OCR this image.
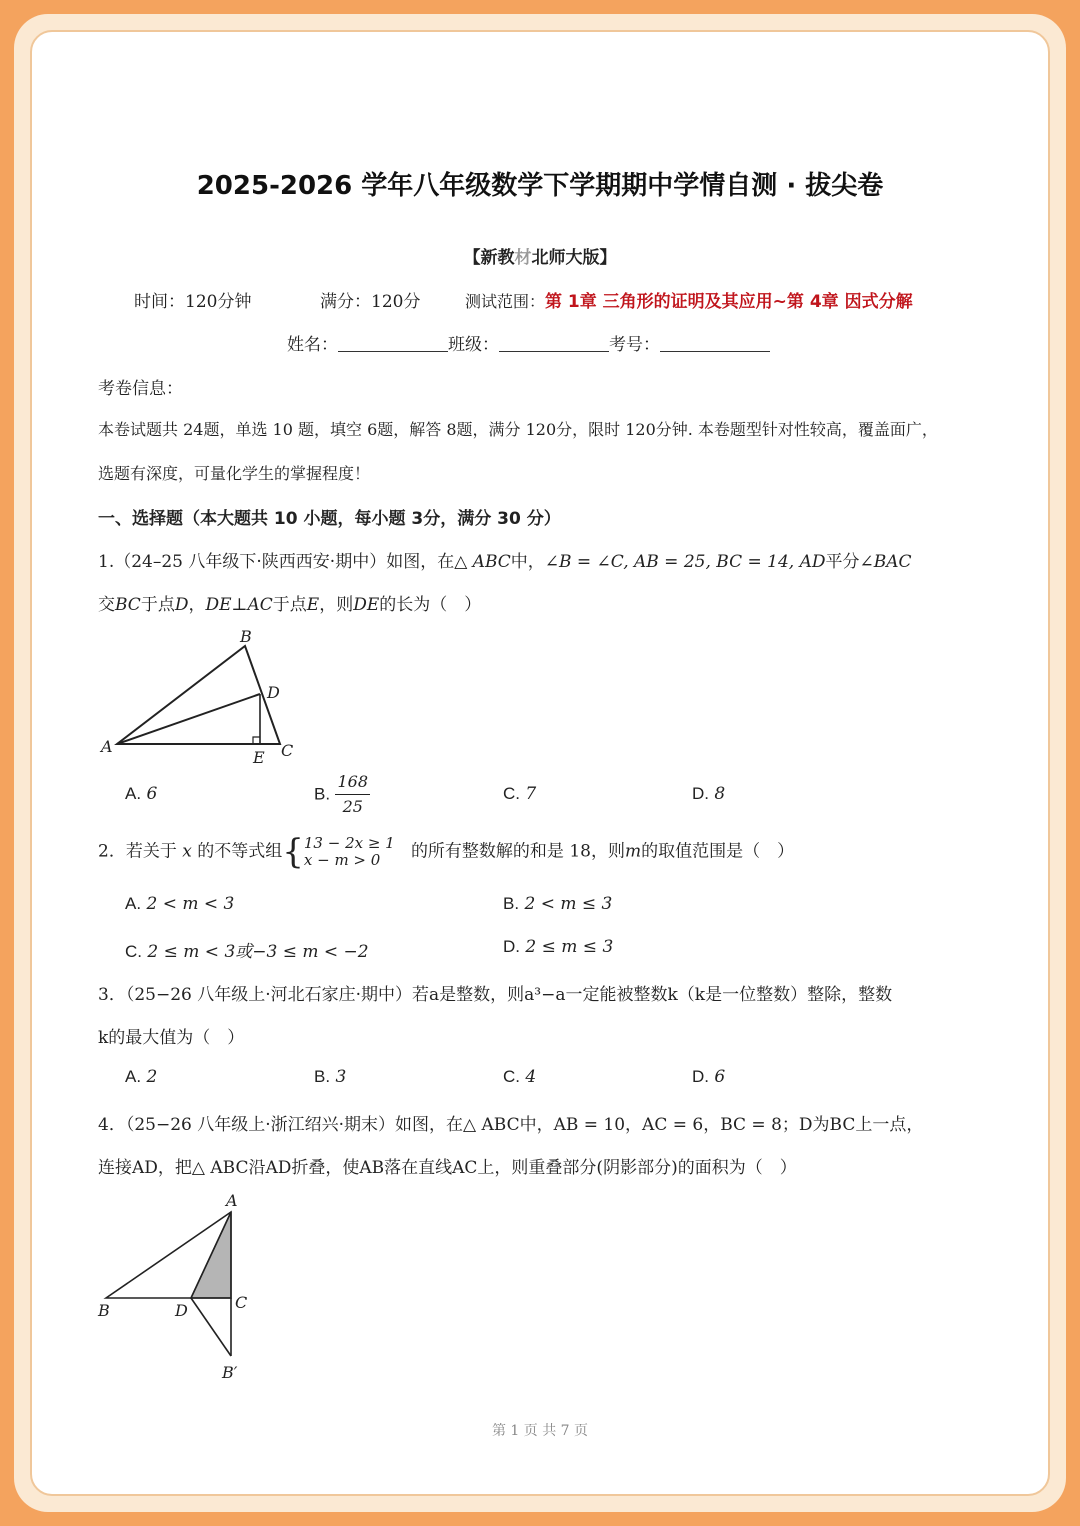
2025-2026 学年八年级数学下学期期中学情自测 · 拔尖卷
【新教材北师大版】
时间：120分钟	满分：120分	测试范围：第 1章 三角形的证明及其应用~第 4章 因式分解
姓名：	班级：	考号：
考卷信息：
本卷试题共 24题，单选 10 题，填空 6题，解答 8题，满分 120分，限时 120分钟. 本卷题型针对性较高，覆盖面广，
选题有深度，可量化学生的掌握程度！
一、选择题（本大题共 10 小题，每小题 3分，满分 30 分）
1.（24–25 八年级下·陕西西安·期中）如图，在△ ABC中，∠B = ∠C, AB = 25, BC = 14, AD平分∠BAC
交BC于点D，DE⊥AC于点E，则DE的长为（　）
B
D
A
E C
A. 6	B. $\frac{168}{25}$	C. 7	D. 8
2．若关于 x 的不等式组{ 13 − 2x ≥ 1
x − m > 0	的所有整数解的和是 18，则m的取值范围是（　）
A. 2 < m < 3	B. 2 < m ≤ 3
C. 2 ≤ m < 3或−3 ≤ m < −2	D. 2 ≤ m ≤ 3
3．（25−26 八年级上·河北石家庄·期中）若a是整数，则a³−a一定能被整数k（k是一位整数）整除，整数
k的最大值为（　）
A. 2	B. 3	C. 4	D. 6
4．（25−26 八年级上·浙江绍兴·期末）如图，在△ ABC中，AB = 10，AC = 6，BC = 8；D为BC上一点，
连接AD，把△ ABC沿AD折叠，使AB落在直线AC上，则重叠部分(阴影部分)的面积为（　）
A
B	D	C
B′
第 1 页 共 7 页
